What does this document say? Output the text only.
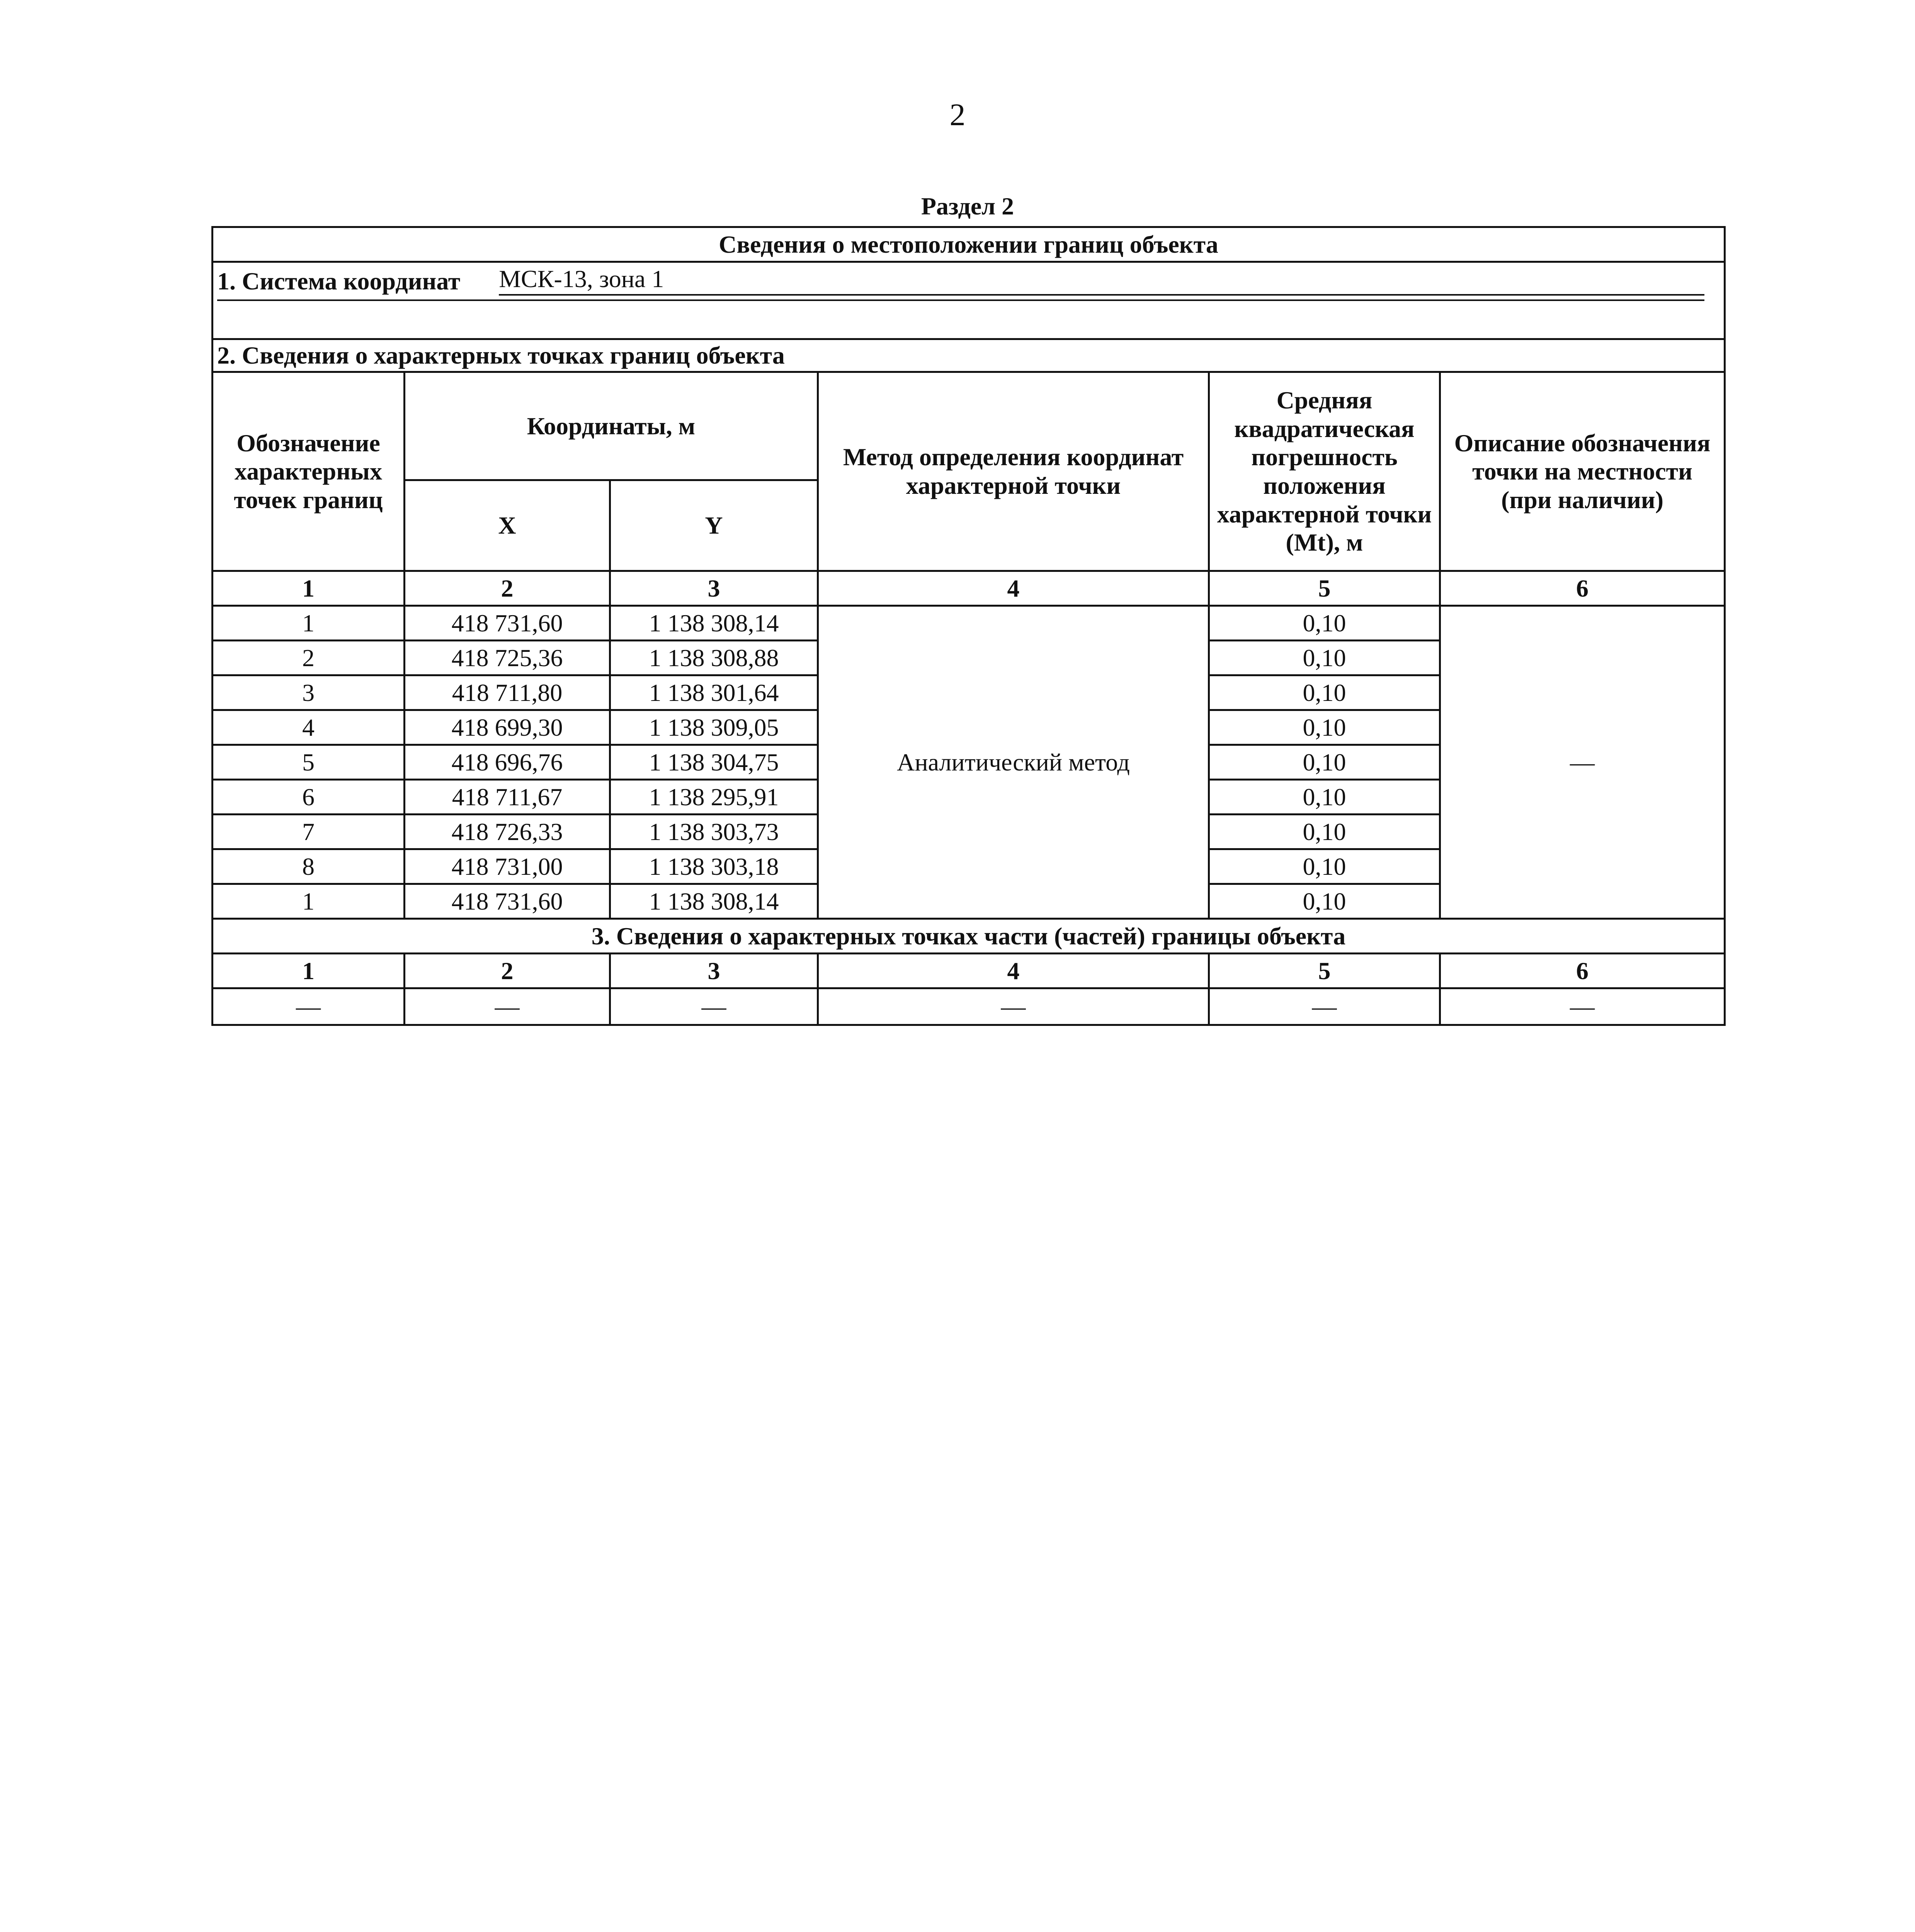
2
Раздел 2
Сведения о местоположении границ объекта					

1. Система координат МСК-13, зона 1					

2. Сведения о характерных точках границ объекта					
Обозначение характерных точек границ	Координаты, м		Метод определения координат характерной точки	Средняя квадратическая погрешность положения характерной точки (Mt), м	Описание обозначения точки на местности (при наличии)
	X	Y			
1	2	3	4	5	6
1	418 731,60	1 138 308,14	Аналитический метод	0,10	—
2	418 725,36	1 138 308,88		0,10	
3	418 711,80	1 138 301,64		0,10	
4	418 699,30	1 138 309,05		0,10	
5	418 696,76	1 138 304,75		0,10	
6	418 711,67	1 138 295,91		0,10	
7	418 726,33	1 138 303,73		0,10	
8	418 731,00	1 138 303,18		0,10	
1	418 731,60	1 138 308,14		0,10	
3. Сведения о характерных точках части (частей) границы объекта					
1	2	3	4	5	6
—	—	—	—	—	—
